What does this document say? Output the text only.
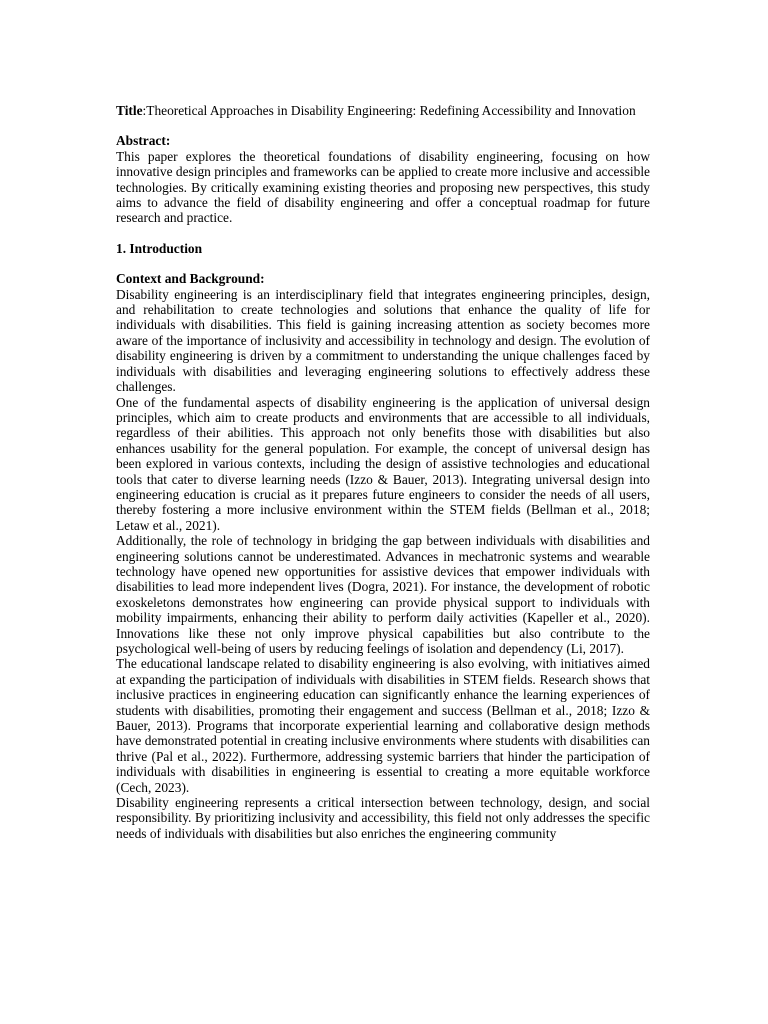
Title:Theoretical Approaches in Disability Engineering: Redefining Accessibility and Innovation

Abstract:

This paper explores the theoretical foundations of disability engineering, focusing on how innovative design principles and frameworks can be applied to create more inclusive and accessible technologies. By critically examining existing theories and proposing new perspectives, this study aims to advance the field of disability engineering and offer a conceptual roadmap for future research and practice.

1. Introduction

Context and Background:

Disability engineering is an interdisciplinary field that integrates engineering principles, design, and rehabilitation to create technologies and solutions that enhance the quality of life for individuals with disabilities. This field is gaining increasing attention as society becomes more aware of the importance of inclusivity and accessibility in technology and design. The evolution of disability engineering is driven by a commitment to understanding the unique challenges faced by individuals with disabilities and leveraging engineering solutions to effectively address these challenges.

One of the fundamental aspects of disability engineering is the application of universal design principles, which aim to create products and environments that are accessible to all individuals, regardless of their abilities. This approach not only benefits those with disabilities but also enhances usability for the general population. For example, the concept of universal design has been explored in various contexts, including the design of assistive technologies and educational tools that cater to diverse learning needs (Izzo & Bauer, 2013). Integrating universal design into engineering education is crucial as it prepares future engineers to consider the needs of all users, thereby fostering a more inclusive environment within the STEM fields (Bellman et al., 2018; Letaw et al., 2021).

Additionally, the role of technology in bridging the gap between individuals with disabilities and engineering solutions cannot be underestimated. Advances in mechatronic systems and wearable technology have opened new opportunities for assistive devices that empower individuals with disabilities to lead more independent lives (Dogra, 2021). For instance, the development of robotic exoskeletons demonstrates how engineering can provide physical support to individuals with mobility impairments, enhancing their ability to perform daily activities (Kapeller et al., 2020). Innovations like these not only improve physical capabilities but also contribute to the psychological well-being of users by reducing feelings of isolation and dependency (Li, 2017).

The educational landscape related to disability engineering is also evolving, with initiatives aimed at expanding the participation of individuals with disabilities in STEM fields. Research shows that inclusive practices in engineering education can significantly enhance the learning experiences of students with disabilities, promoting their engagement and success (Bellman et al., 2018; Izzo & Bauer, 2013). Programs that incorporate experiential learning and collaborative design methods have demonstrated potential in creating inclusive environments where students with disabilities can thrive (Pal et al., 2022). Furthermore, addressing systemic barriers that hinder the participation of individuals with disabilities in engineering is essential to creating a more equitable workforce (Cech, 2023).

Disability engineering represents a critical intersection between technology, design, and social responsibility. By prioritizing inclusivity and accessibility, this field not only addresses the specific needs of individuals with disabilities but also enriches the engineering community
